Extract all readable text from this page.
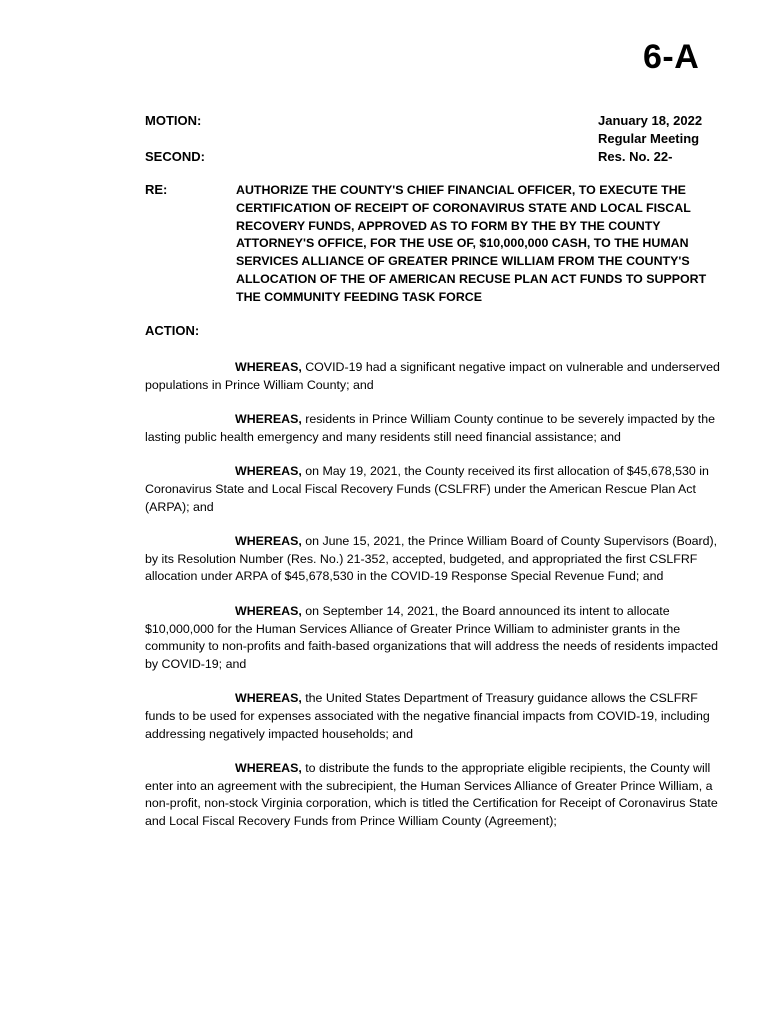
6-A
MOTION:
SECOND:
January 18, 2022
Regular Meeting
Res. No. 22-
RE:	AUTHORIZE THE COUNTY'S CHIEF FINANCIAL OFFICER, TO EXECUTE THE CERTIFICATION OF RECEIPT OF CORONAVIRUS STATE AND LOCAL FISCAL RECOVERY FUNDS, APPROVED AS TO FORM BY THE BY THE COUNTY ATTORNEY'S OFFICE, FOR THE USE OF, $10,000,000 CASH, TO THE HUMAN SERVICES ALLIANCE OF GREATER PRINCE WILLIAM FROM THE COUNTY'S ALLOCATION OF THE OF AMERICAN RECUSE PLAN ACT FUNDS TO SUPPORT THE COMMUNITY FEEDING TASK FORCE
ACTION:

WHEREAS, COVID-19 had a significant negative impact on vulnerable and underserved populations in Prince William County; and

WHEREAS, residents in Prince William County continue to be severely impacted by the lasting public health emergency and many residents still need financial assistance; and

WHEREAS, on May 19, 2021, the County received its first allocation of $45,678,530 in Coronavirus State and Local Fiscal Recovery Funds (CSLFRF) under the American Rescue Plan Act (ARPA); and

WHEREAS, on June 15, 2021, the Prince William Board of County Supervisors (Board), by its Resolution Number (Res. No.) 21-352, accepted, budgeted, and appropriated the first CSLFRF allocation under ARPA of $45,678,530 in the COVID-19 Response Special Revenue Fund; and

WHEREAS, on September 14, 2021, the Board announced its intent to allocate $10,000,000 for the Human Services Alliance of Greater Prince William to administer grants in the community to non-profits and faith-based organizations that will address the needs of residents impacted by COVID-19; and

WHEREAS, the United States Department of Treasury guidance allows the CSLFRF funds to be used for expenses associated with the negative financial impacts from COVID-19, including addressing negatively impacted households; and

WHEREAS, to distribute the funds to the appropriate eligible recipients, the County will enter into an agreement with the subrecipient, the Human Services Alliance of Greater Prince William, a non-profit, non-stock Virginia corporation, which is titled the Certification for Receipt of Coronavirus State and Local Fiscal Recovery Funds from Prince William County (Agreement);
